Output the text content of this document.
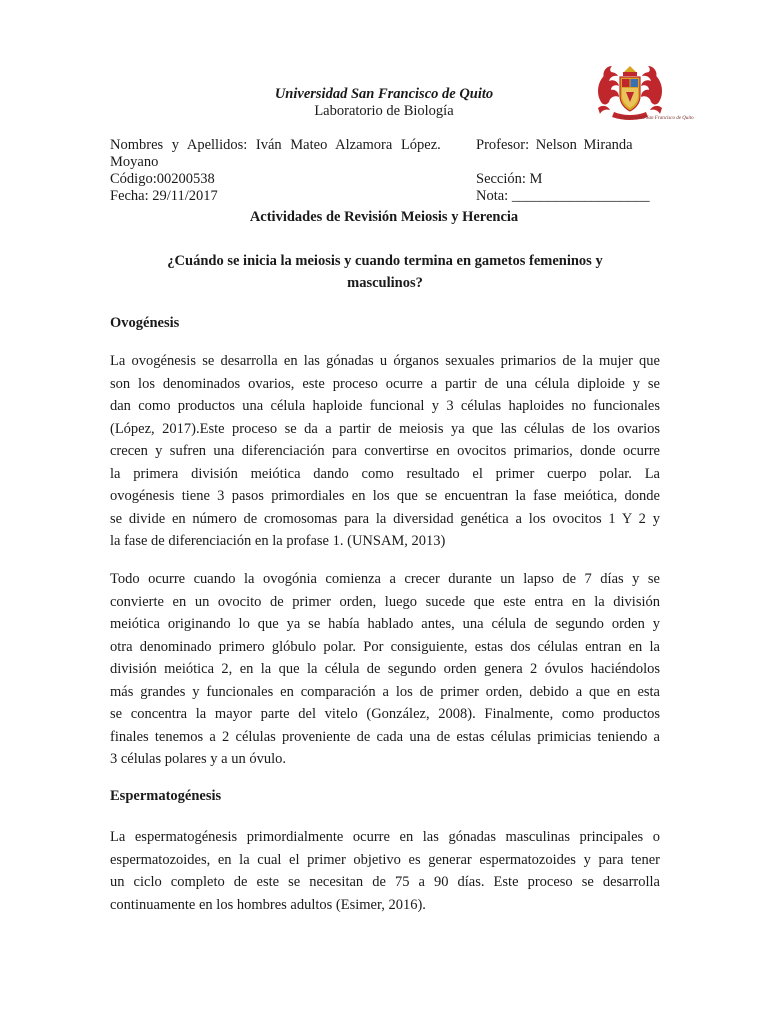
Universidad San Francisco de Quito
Laboratorio de Biología	Universidad San Francisco de Quito
Nombres y Apellidos: Iván Mateo Alzamora López. Profesor: Nelson Miranda
Moyano
Código:00200538
Fecha: 29/11/2017
Sección: M
Nota: ___________________
Actividades de Revisión Meiosis y Herencia
¿Cuándo se inicia la meiosis y cuando termina en gametos femeninos y masculinos?
Ovogénesis
La ovogénesis se desarrolla en las gónadas u órganos sexuales primarios de la mujer que
son los denominados ovarios, este proceso ocurre a partir de una célula diploide y se
dan como productos una célula haploide funcional y 3 células haploides no funcionales
(López, 2017).Este proceso se da a partir de meiosis ya que las células de los ovarios
crecen y sufren una diferenciación para convertirse en ovocitos primarios, donde ocurre
la primera división meiótica dando como resultado el primer cuerpo polar. La
ovogénesis tiene 3 pasos primordiales en los que se encuentran la fase meiótica, donde
se divide en número de cromosomas para la diversidad genética a los ovocitos 1 Y 2 y
la fase de diferenciación en la profase 1. (UNSAM, 2013)
Todo ocurre cuando la ovogónia comienza a crecer durante un lapso de 7 días y se
convierte en un ovocito de primer orden, luego sucede que este entra en la división
meiótica originando lo que ya se había hablado antes, una célula de segundo orden y
otra denominado primero glóbulo polar. Por consiguiente, estas dos células entran en la
división meiótica 2, en la que la célula de segundo orden genera 2 óvulos haciéndolos
más grandes y funcionales en comparación a los de primer orden, debido a que en esta
se concentra la mayor parte del vitelo (González, 2008). Finalmente, como productos
finales tenemos a 2 células proveniente de cada una de estas células primicias teniendo a
3 células polares y a un óvulo.
Espermatogénesis
La espermatogénesis primordialmente ocurre en las gónadas masculinas principales o
espermatozoides, en la cual el primer objetivo es generar espermatozoides y para tener
un ciclo completo de este se necesitan de 75 a 90 días. Este proceso se desarrolla
continuamente en los hombres adultos (Esimer, 2016).
